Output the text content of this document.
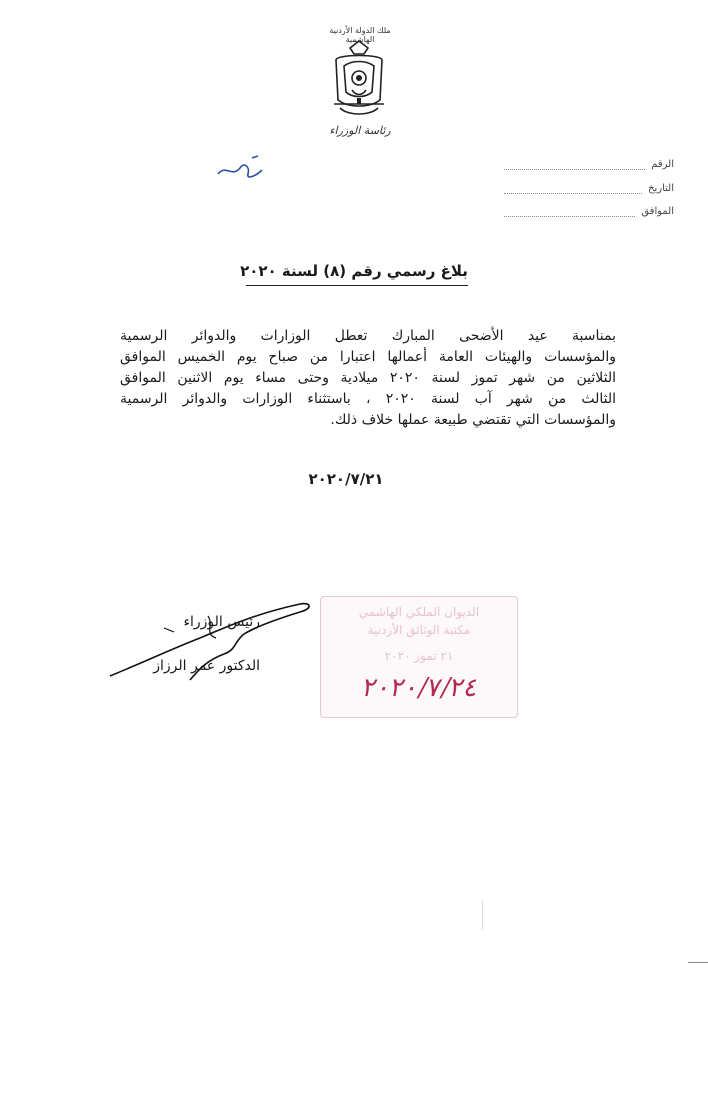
ملك الدولة الأردنية الهاشمية
رئاسة الوزراء
الرقم
التاريخ
الموافق
بلاغ رسمي رقم (٨) لسنة ٢٠٢٠
بمناسبة عيد الأضحى المبارك تعطل الوزارات والدوائر الرسمية
والمؤسسات والهيئات العامة أعمالها اعتبارا من صباح يوم الخميس الموافق
الثلاثين من شهر تموز لسنة ٢٠٢٠ ميلادية وحتى مساء يوم الاثنين الموافق
الثالث من شهر آب لسنة ٢٠٢٠ ، باستثناء الوزارات والدوائر الرسمية
والمؤسسات التي تقتضي طبيعة عملها خلاف ذلك.
٢٠٢٠/٧/٢١
الديوان الملكي الهاشمي
مكتبة الوثائق الأردنية
٢١ تموز ٢٠٢٠
٢٠٢٠/٧/٢٤
رئيس الوزراء
الدكتور عمر الرزاز
